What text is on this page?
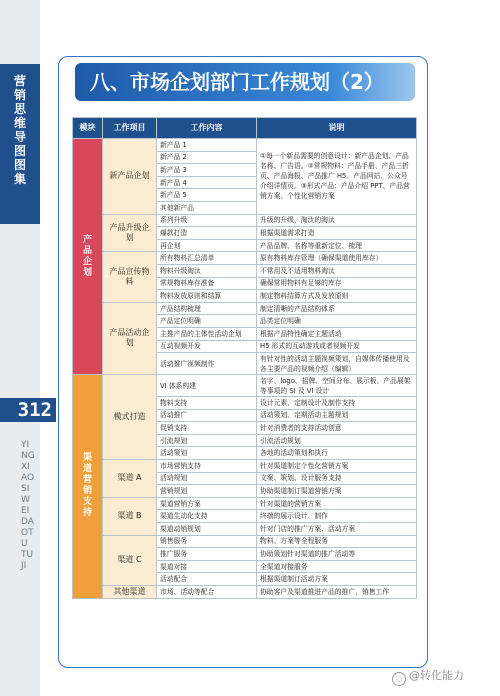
营销思维导图图集
312
YINGXIAO SIWEI DAOTU TUJI
八、市场企划部门工作规划（2）
模块	工作项目	工作内容	说明
产品企划	新产品企划	新产品 1	①每一个新品需要的创意设计：新产品企划、产品名称、广告语。②常规物料：产品手册、产品三折页、产品海报、产品推广 H5、产品网站、公众号介绍详情页。③形式产品：产品介绍 PPT、产品营销方案、个性化营销方案
		新产品 2	
		新产品 3	
		新产品 4	
		新产品 5	
		其他新产品	
	产品升级企划	系列升级	升级的升级，淘汰的淘汰
		爆款打造	根据渠道需求打造
		再企划	产品品牌、名称等重新定位、梳理
	产品宣传物料	所有物料汇总清单	原有物料库存管理（确保渠道使用库存）
		物料升级淘汰	不常用及不适用物料淘汰
		常规物料库存准备	确保常用物料有足够的库存
		物料发放原则和结算	制定物料结算方式及发放原则
	产品活动企划	产品结构梳理	制定清晰的产品结构体系
		产品定位明确	品类定位明确
		主推产品的主体性活动企划	根据产品特性确定主题活动
		互动视频开发	H5 形式的互动游戏或者视频开发
		活动推广视频制作	有针对性的活动主题视频策划，自媒体传播使用及各主要产品的视频介绍（编辑）
渠道营销支持	模式打造	VI 体系构建	名字、logo、招牌、空间分布、展示板、产品展架等事项的 SI 及 VI 设计
		物料支持	设计元素、定制设计及制作支持
		活动推广	活动策划、定期活动主题规划
		促销支持	针对消费者的支持活动创意
		引流规划	引流活动规划
		活动策划	各地的活动策划和执行
	渠道 A	市场营销支持	针对渠道制定个性化营销方案
		活动规划	文案、策划、设计服务支持
		营销规划	协助渠道制订渠道营销方案
	渠道 B	渠道营销方案	针对渠道的营销方案
		渠道生动化支持	终端的展示设计、制作
		渠道动销规划	针对门店的推广方案、活动方案
	渠道 C	销售服务	物料、方案等全程服务
		推广服务	协助策划针对渠道的推广活动等
		渠道对接	全渠道对接服务
		活动配合	根据渠道制订活动方案
	其他渠道	市场、活动等配合	协助客户及渠道推进产品的推广、销售工作
◌ @转化能力
